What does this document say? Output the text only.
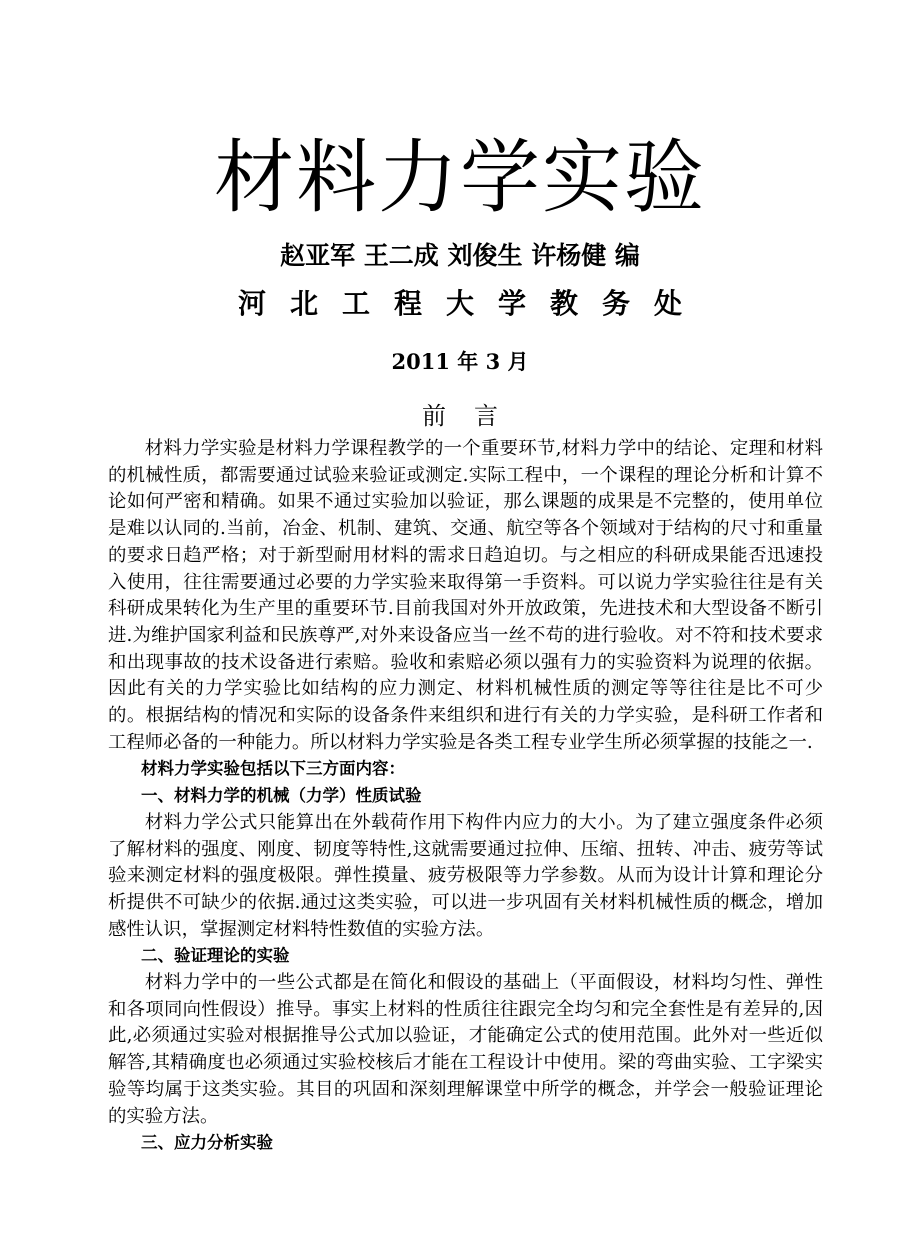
材料力学实验
赵亚军 王二成 刘俊生 许杨健 编
河北工程大学教务处
2011 年 3 月
前言

材料力学实验是材料力学课程教学的一个重要环节,材料力学中的结论、定理和材料的机械性质，都需要通过试验来验证或测定.实际工程中，一个课程的理论分析和计算不论如何严密和精确。如果不通过实验加以验证，那么课题的成果是不完整的，使用单位是难以认同的.当前，冶金、机制、建筑、交通、航空等各个领域对于结构的尺寸和重量的要求日趋严格；对于新型耐用材料的需求日趋迫切。与之相应的科研成果能否迅速投入使用，往往需要通过必要的力学实验来取得第一手资料。可以说力学实验往往是有关科研成果转化为生产里的重要环节.目前我国对外开放政策，先进技术和大型设备不断引进.为维护国家利益和民族尊严,对外来设备应当一丝不苟的进行验收。对不符和技术要求和出现事故的技术设备进行索赔。验收和索赔必须以强有力的实验资料为说理的依据。因此有关的力学实验比如结构的应力测定、材料机械性质的测定等等往往是比不可少的。根据结构的情况和实际的设备条件来组织和进行有关的力学实验，是科研工作者和工程师必备的一种能力。所以材料力学实验是各类工程专业学生所必须掌握的技能之一.

材料力学实验包括以下三方面内容：

一、材料力学的机械（力学）性质试验

材料力学公式只能算出在外载荷作用下构件内应力的大小。为了建立强度条件必须了解材料的强度、刚度、韧度等特性,这就需要通过拉伸、压缩、扭转、冲击、疲劳等试验来测定材料的强度极限。弹性摸量、疲劳极限等力学参数。从而为设计计算和理论分析提供不可缺少的依据.通过这类实验，可以进一步巩固有关材料机械性质的概念，增加感性认识，掌握测定材料特性数值的实验方法。

二、验证理论的实验

材料力学中的一些公式都是在简化和假设的基础上（平面假设，材料均匀性、弹性和各项同向性假设）推导。事实上材料的性质往往跟完全均匀和完全套性是有差异的,因此,必须通过实验对根据推导公式加以验证，才能确定公式的使用范围。此外对一些近似解答,其精确度也必须通过实验校核后才能在工程设计中使用。梁的弯曲实验、工字梁实验等均属于这类实验。其目的巩固和深刻理解课堂中所学的概念，并学会一般验证理论的实验方法。

三、应力分析实验
